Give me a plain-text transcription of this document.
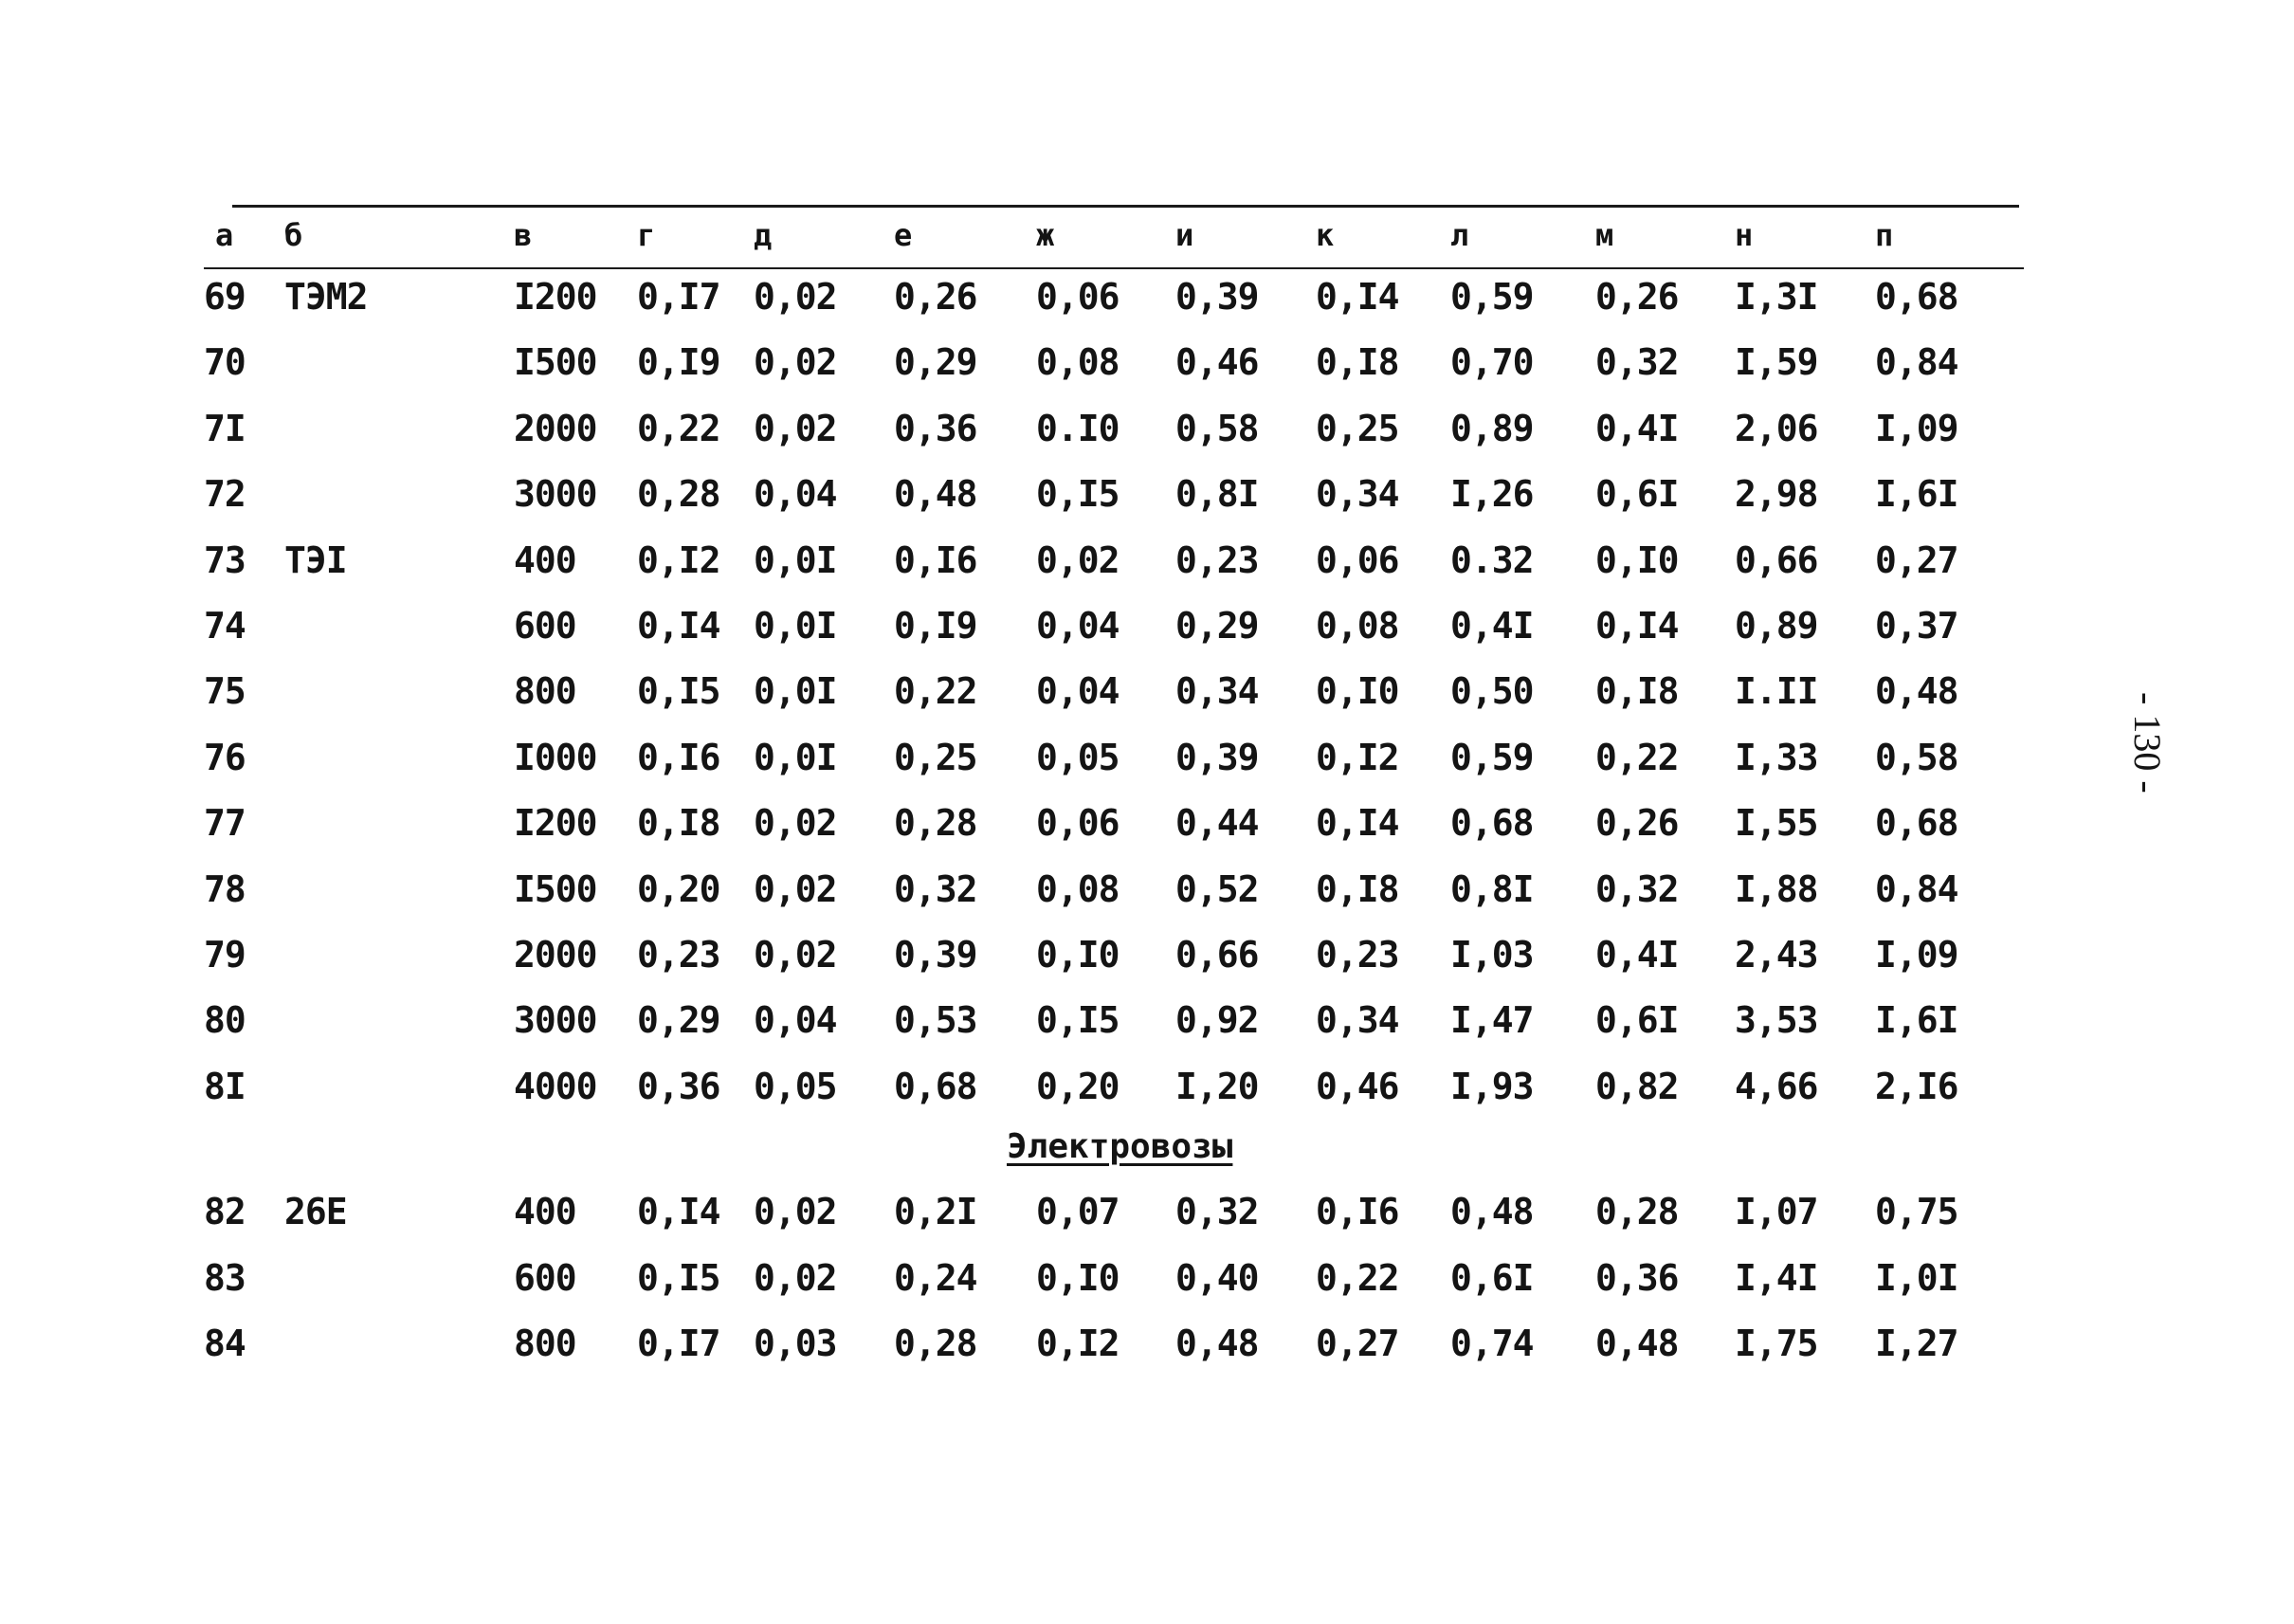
а б	в	г	д	е	ж	и	к	л	м	н	п
69 ТЭМ2	I200 0,I7 0,02 0,26 0,06 0,39 0,I4 0,59 0,26 I,3I 0,68
70	I500 0,I9 0,02 0,29 0,08 0,46 0,I8 0,70 0,32 I,59 0,84
7I	2000 0,22 0,02 0,36 0.I0 0,58 0,25 0,89 0,4I 2,06 I,09
72	3000 0,28 0,04 0,48 0,I5 0,8I 0,34 I,26 0,6I 2,98 I,6I
73 ТЭI	400 0,I2 0,0I 0,I6 0,02 0,23 0,06 0.32 0,I0 0,66 0,27
74	600 0,I4 0,0I 0,I9 0,04 0,29 0,08 0,4I 0,I4 0,89 0,37
75	800 0,I5 0,0I 0,22 0,04 0,34 0,I0 0,50 0,I8 I.II 0,48
76	I000 0,I6 0,0I 0,25 0,05 0,39 0,I2 0,59 0,22 I,33 0,58
77	I200 0,I8 0,02 0,28 0,06 0,44 0,I4 0,68 0,26 I,55 0,68
78	I500 0,20 0,02 0,32 0,08 0,52 0,I8 0,8I 0,32 I,88 0,84
79	2000 0,23 0,02 0,39 0,I0 0,66 0,23 I,03 0,4I 2,43 I,09
80	3000 0,29 0,04 0,53 0,I5 0,92 0,34 I,47 0,6I 3,53 I,6I
8I	4000 0,36 0,05 0,68 0,20 I,20 0,46 I,93 0,82 4,66 2,I6
Электровозы
82 26Е	400 0,I4 0,02 0,2I 0,07 0,32 0,I6 0,48 0,28 I,07 0,75
83	600 0,I5 0,02 0,24 0,I0 0,40 0,22 0,6I 0,36 I,4I I,0I
84	800 0,I7 0,03 0,28 0,I2 0,48 0,27 0,74 0,48 I,75 I,27
- 130 -
